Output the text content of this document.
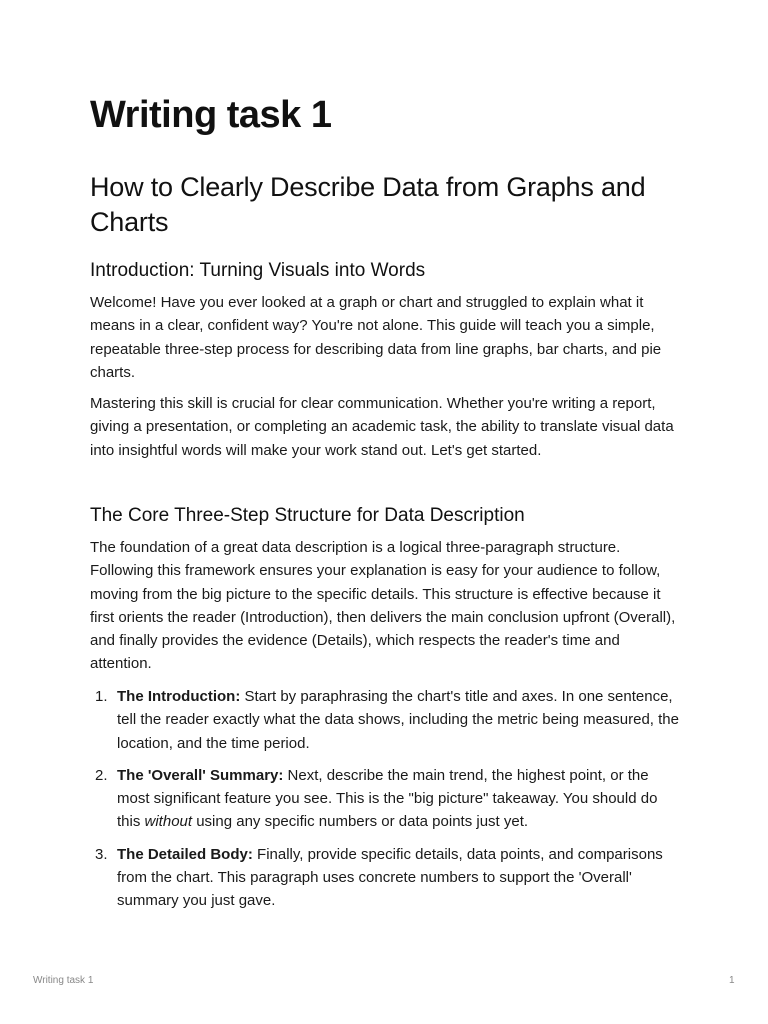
Writing task 1
How to Clearly Describe Data from Graphs and Charts
Introduction: Turning Visuals into Words

Welcome! Have you ever looked at a graph or chart and struggled to explain what it means in a clear, confident way? You're not alone. This guide will teach you a simple, repeatable three-step process for describing data from line graphs, bar charts, and pie charts.

Mastering this skill is crucial for clear communication. Whether you're writing a report, giving a presentation, or completing an academic task, the ability to translate visual data into insightful words will make your work stand out. Let's get started.

The Core Three-Step Structure for Data Description

The foundation of a great data description is a logical three-paragraph structure. Following this framework ensures your explanation is easy for your audience to follow, moving from the big picture to the specific details. This structure is effective because it first orients the reader (Introduction), then delivers the main conclusion upfront (Overall), and finally provides the evidence (Details), which respects the reader's time and attention.

1. The Introduction: Start by paraphrasing the chart's title and axes. In one sentence, tell the reader exactly what the data shows, including the metric being measured, the location, and the time period.
2. The 'Overall' Summary: Next, describe the main trend, the highest point, or the most significant feature you see. This is the "big picture" takeaway. You should do this without using any specific numbers or data points just yet.
3. The Detailed Body: Finally, provide specific details, data points, and comparisons from the chart. This paragraph uses concrete numbers to support the 'Overall' summary you just gave.
Writing task 1	1
